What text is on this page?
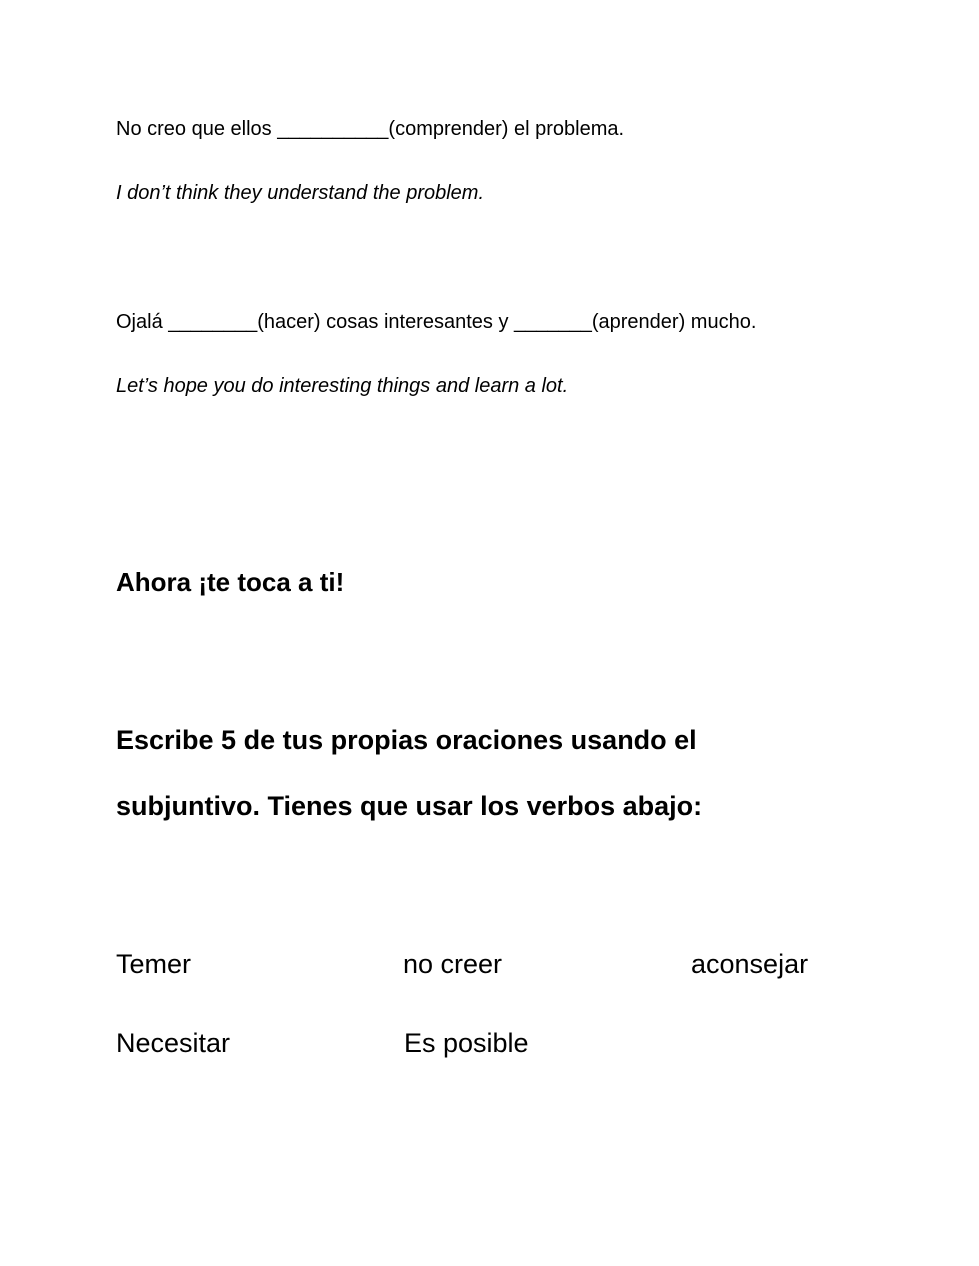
No creo que ellos __________(comprender) el problema.

I don’t think they understand the problem.

Ojalá ________(hacer) cosas interesantes y _______(aprender) mucho.

Let’s hope you do interesting things and learn a lot.

Ahora ¡te toca a ti!

Escribe 5 de tus propias oraciones usando el

subjuntivo. Tienes que usar los verbos abajo:

Temer	no creer	aconsejar
Necesitar	Es posible
